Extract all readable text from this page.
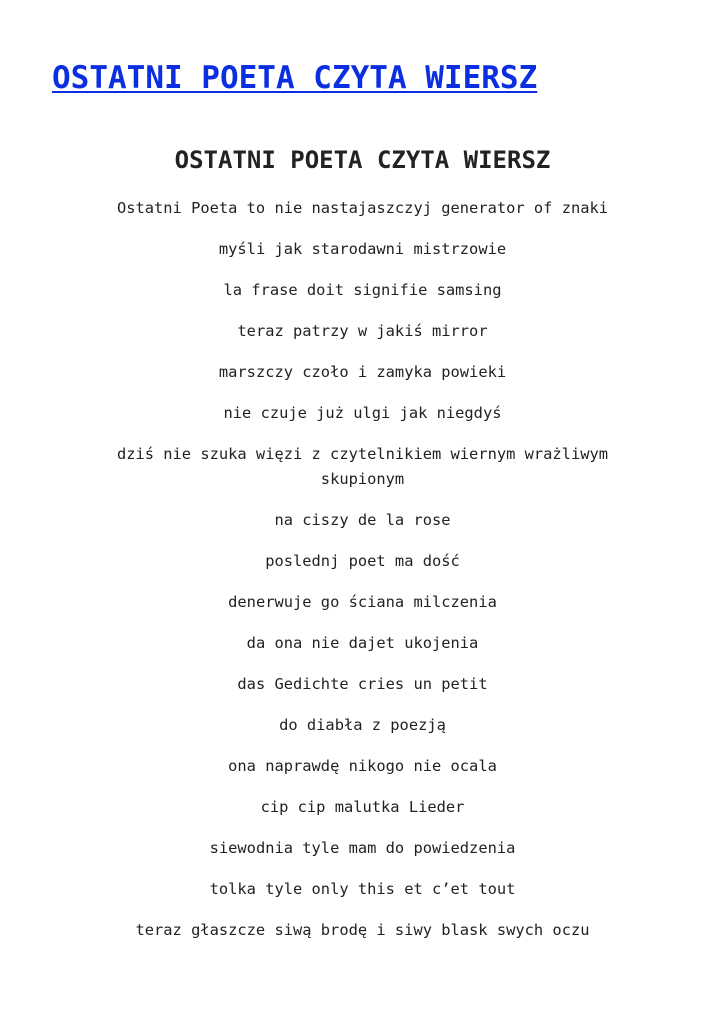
OSTATNI POETA CZYTA WIERSZ
OSTATNI POETA CZYTA WIERSZ

Ostatni Poeta to nie nastajaszczyj generator of znaki

myśli jak starodawni mistrzowie

la frase doit signifie samsing

teraz patrzy w jakiś mirror

marszczy czoło i zamyka powieki

nie czuje już ulgi jak niegdyś

dziś nie szuka więzi z czytelnikiem wiernym wrażliwym skupionym

na ciszy de la rose

poslednj poet ma dość

denerwuje go ściana milczenia

da ona nie dajet ukojenia

das Gedichte cries un petit

do diabła z poezją

ona naprawdę nikogo nie ocala

cip cip malutka Lieder

siewodnia tyle mam do powiedzenia

tolka tyle only this et c’et tout

teraz głaszcze siwą brodę i siwy blask swych oczu
